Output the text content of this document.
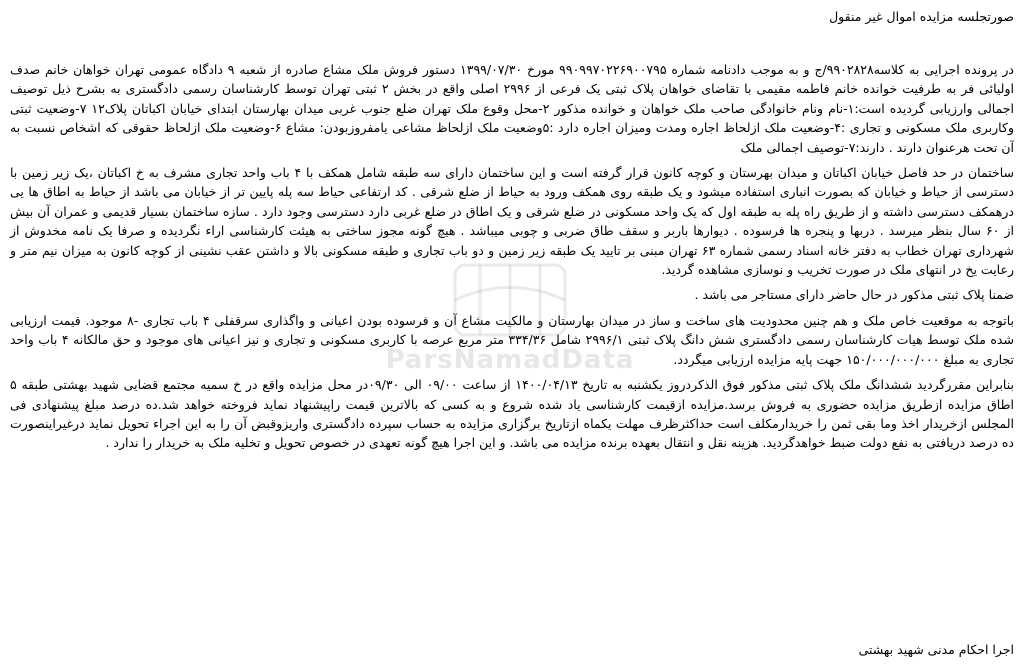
صورتجلسه مزایده اموال غیر منقول

در پرونده اجرایی به کلاسه۹۹۰۲۸۲۸/ج و به موجب دادنامه شماره ۹۹۰۹۹۷۰۲۲۶۹۰۰۷۹۵ مورخ ۱۳۹۹/۰۷/۳۰ دستور فروش ملک مشاع صادره از شعبه ۹ دادگاه عمومی تهران خواهان خانم صدف اولیائی فر به طرفیت خوانده خانم فاطمه مقیمی با تقاضای خواهان پلاک ثبتی یک فرعی از ۲۹۹۶ اصلی واقع در بخش ۲ ثبتی تهران توسط کارشناسان رسمی دادگستری به بشرح ذیل توصیف اجمالی وارزیابی گردیده است:۱-نام ونام خانوادگی صاحب ملک خواهان و خوانده مذکور ۲-محل وقوع ملک تهران ضلع جنوب غربی میدان بهارستان ابتدای خیابان اکباتان پلاک۱۲ ۷-وضعیت ثبتی وکاربری ملک مسکونی و تجاری :۴-وضعیت ملک ازلحاظ اجاره ومدت ومیزان اجاره دارد :۵وضعیت ملک ازلحاظ مشاعی یامفروزبودن: مشاع ۶-وضعیت ملک ازلحاظ حقوقی که اشخاص نسبت به آن تحت هرعنوان دارند . دارند:۷-توصیف اجمالی ملک

ساختمان در حد فاصل خیابان اکباتان و میدان بهرستان و کوچه کانون قرار گرفته است و این ساختمان دارای سه طبقه شامل همکف با ۴ باب واحد تجاری مشرف به خ اکباتان ،یک زیر زمین با دسترسی از حیاط و خیابان که بصورت انباری استفاده میشود و یک طبقه روی همکف ورود به حیاط از ضلع شرقی . کد ارتفاعی حیاط سه پله پایین تر از خیابان می باشد از حیاط به اطاق ها یی درهمکف دسترسی داشته و از طریق راه پله به طبقه اول که یک واحد مسکونی در ضلع شرقی و یک اطاق در ضلع غربی دارد دسترسی وجود دارد . سازه ساختمان بسیار قدیمی و عمران آن بیش از ۶۰ سال بنظر میرسد . دربها و پنجره ها فرسوده . دیوارها باربر و سقف طاق ضربی و چوبی میباشد . هیچ گونه مجوز ساختی به هیئت کارشناسی اراء نگردیده و صرفا یک نامه مخدوش از شهرداری تهران خطاب به دفتر خانه اسناد رسمی شماره ۶۳ تهران مبنی بر تایید یک طبقه زیر زمین و دو باب تجاری و طبقه مسکونی بالا و داشتن عقب نشینی از کوچه کانون به میزان نیم متر و رعایت یخ در انتهای ملک در صورت تخریب و نوسازی مشاهده گردید.

ضمنا پلاک ثبتی مذکور در حال حاضر دارای مستاجر می باشد .

باتوجه به موقعیت خاص ملک و هم چنین محدودیت های ساخت و ساز در میدان بهارستان و مالکیت مشاع آن و فرسوده بودن اعیانی و واگذاری سرقفلی ۴ باب تجاری -۸ موجود. قیمت ارزیابی شده ملک توسط هیات کارشناسان رسمی دادگستری شش دانگ پلاک ثبتی ۲۹۹۶/۱ شامل ۳۳۴/۳۶ متر مربع عرصه با کاربری مسکونی و تجاری و نیز اعیانی های موجود و حق مالکانه ۴ باب واحد تجاری به مبلغ ۱۵۰/۰۰۰/۰۰۰/۰۰۰ جهت پایه مزایده ارزیابی میگردد.

بنابراین مقررگردید ششدانگ ملک پلاک ثبتی مذکور فوق الذکردروز یکشنبه به تاریخ ۱۴۰۰/۰۴/۱۳ از ساعت ۰۹/۰۰ الی ۰۹/۳۰در محل مزایده واقع در خ سمیه مجتمع قضایی شهید بهشتی طبقه ۵ اطاق مزایده ازطریق مزایده حضوری به فروش برسد.مزایده ازقیمت کارشناسی یاد شده شروع و به کسی که بالاترین قیمت راپیشنهاد نماید فروخته خواهد شد.ده درصد مبلغ پیشنهادی فی المجلس ازخریدار اخذ وما بقی ثمن را خریدارمکلف است حداکثرظرف مهلت یکماه ازتاریخ برگزاری مزایده به حساب سپرده دادگستری واریزوقبض آن را به این اجراء تحویل نماید درغیراینصورت ده درصد دریافتی به نفع دولت ضبط خواهدگردید. هزینه نقل و انتقال بعهده برنده مزایده می باشد. و این اجرا هیچ گونه تعهدی در خصوص تحویل و تخلیه ملک به خریدار را ندارد .

اجرا احکام مدنی شهید بهشتی

ParsNamadData
